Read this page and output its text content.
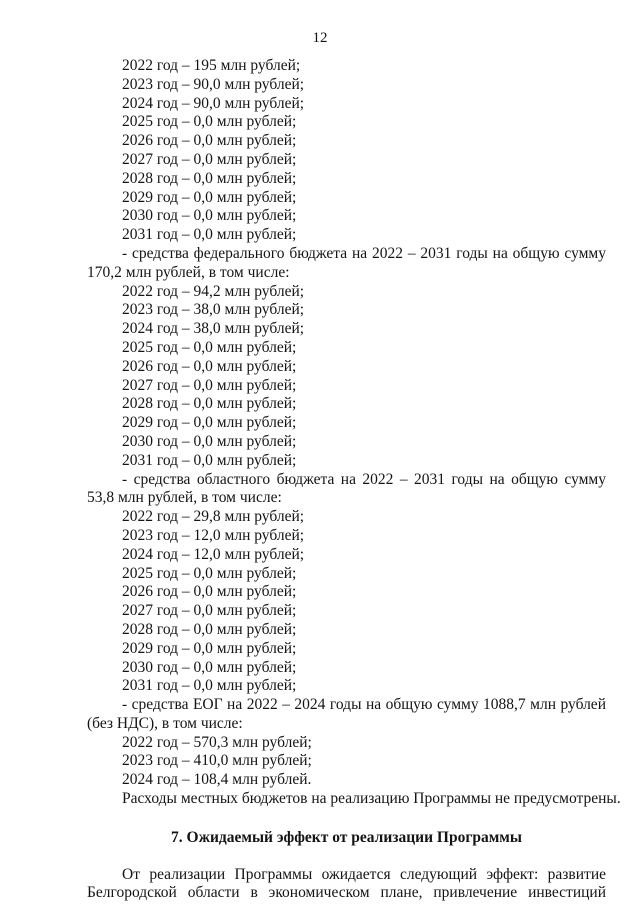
12
2022 год – 195 млн рублей;
2023 год – 90,0 млн рублей;
2024 год – 90,0 млн рублей;
2025 год – 0,0 млн рублей;
2026 год – 0,0 млн рублей;
2027 год – 0,0 млн рублей;
2028 год – 0,0 млн рублей;
2029 год – 0,0 млн рублей;
2030 год – 0,0 млн рублей;
2031 год – 0,0 млн рублей;
- средства федерального бюджета на 2022 – 2031 годы на общую сумму
170,2 млн рублей, в том числе:
2022 год – 94,2 млн рублей;
2023 год – 38,0 млн рублей;
2024 год – 38,0 млн рублей;
2025 год – 0,0 млн рублей;
2026 год – 0,0 млн рублей;
2027 год – 0,0 млн рублей;
2028 год – 0,0 млн рублей;
2029 год – 0,0 млн рублей;
2030 год – 0,0 млн рублей;
2031 год – 0,0 млн рублей;
- средства областного бюджета на 2022 – 2031 годы на общую сумму
53,8 млн рублей, в том числе:
2022 год – 29,8 млн рублей;
2023 год – 12,0 млн рублей;
2024 год – 12,0 млн рублей;
2025 год – 0,0 млн рублей;
2026 год – 0,0 млн рублей;
2027 год – 0,0 млн рублей;
2028 год – 0,0 млн рублей;
2029 год – 0,0 млн рублей;
2030 год – 0,0 млн рублей;
2031 год – 0,0 млн рублей;
- средства ЕОГ на 2022 – 2024 годы на общую сумму 1088,7 млн рублей
(без НДС), в том числе:
2022 год – 570,3 млн рублей;
2023 год – 410,0 млн рублей;
2024 год – 108,4 млн рублей.
Расходы местных бюджетов на реализацию Программы не предусмотрены.
7. Ожидаемый эффект от реализации Программы
От реализации Программы ожидается следующий эффект: развитие
Белгородской области в экономическом плане, привлечение инвестиций
